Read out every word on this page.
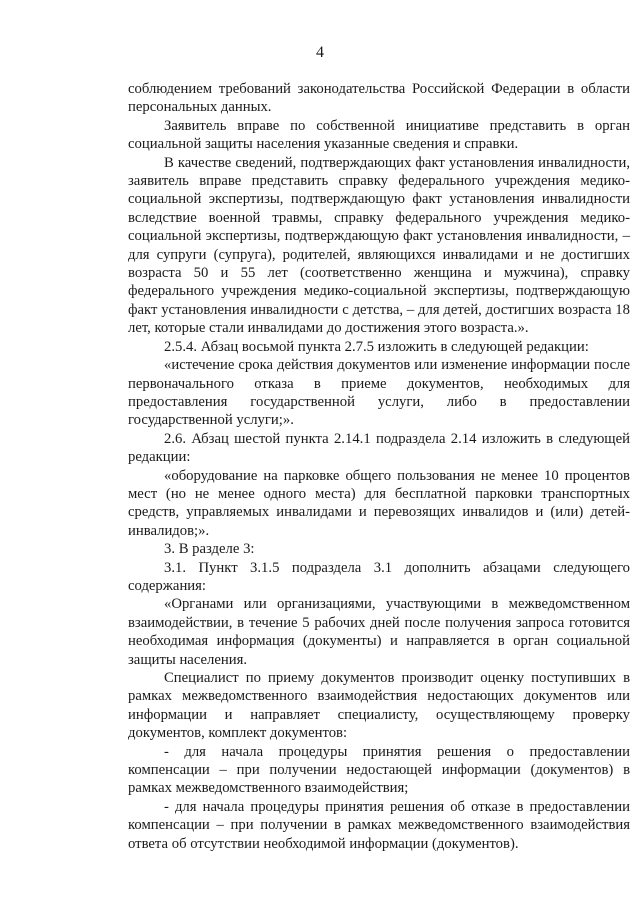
4

соблюдением требований законодательства Российской Федерации в области персональных данных.

Заявитель вправе по собственной инициативе представить в орган социальной защиты населения указанные сведения и справки.

В качестве сведений, подтверждающих факт установления инвалидности, заявитель вправе представить справку федерального учреждения медико-социальной экспертизы, подтверждающую факт установления инвалидности вследствие военной травмы, справку федерального учреждения медико-социальной экспертизы, подтверждающую факт установления инвалидности, – для супруги (супруга), родителей, являющихся инвалидами и не достигших возраста 50 и 55 лет (соответственно женщина и мужчина), справку федерального учреждения медико-социальной экспертизы, подтверждающую факт установления инвалидности с детства, – для детей, достигших возраста 18 лет, которые стали инвалидами до достижения этого возраста.».

2.5.4. Абзац восьмой пункта 2.7.5 изложить в следующей редакции:

«истечение срока действия документов или изменение информации после первоначального отказа в приеме документов, необходимых для предоставления государственной услуги, либо в предоставлении государственной услуги;».

2.6. Абзац шестой пункта 2.14.1 подраздела 2.14 изложить в следующей редакции:

«оборудование на парковке общего пользования не менее 10 процентов мест (но не менее одного места) для бесплатной парковки транспортных средств, управляемых инвалидами и перевозящих инвалидов и (или) детей-инвалидов;».

3. В разделе 3:

3.1. Пункт 3.1.5 подраздела 3.1 дополнить абзацами следующего содержания:

«Органами или организациями, участвующими в межведомственном взаимодействии, в течение 5 рабочих дней после получения запроса готовится необходимая информация (документы) и направляется в орган социальной защиты населения.

Специалист по приему документов производит оценку поступивших в рамках межведомственного взаимодействия недостающих документов или информации и направляет специалисту, осуществляющему проверку документов, комплект документов:

- для начала процедуры принятия решения о предоставлении компенсации – при получении недостающей информации (документов) в рамках межведомственного взаимодействия;

- для начала процедуры принятия решения об отказе в предоставлении компенсации – при получении в рамках межведомственного взаимодействия ответа об отсутствии необходимой информации (документов).
